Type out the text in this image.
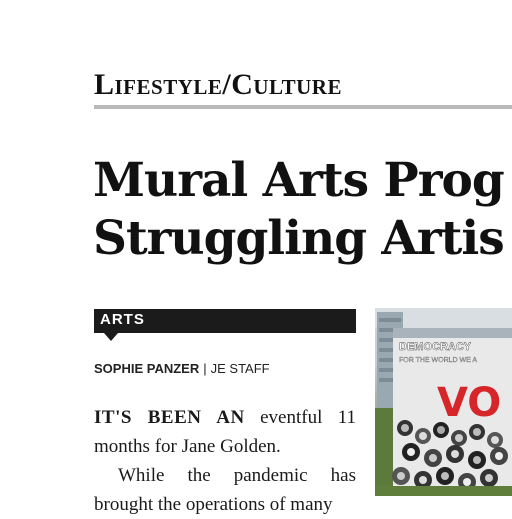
Lifestyle/Culture
Mural Arts Prog
Struggling Artis
ARTS
SOPHIE PANZER | JE STAFF
IT'S BEEN AN eventful 11 months for Jane Golden.
While the pandemic has brought the operations of many
DEMOCRACY
FOR THE WORLD WE A
VO
